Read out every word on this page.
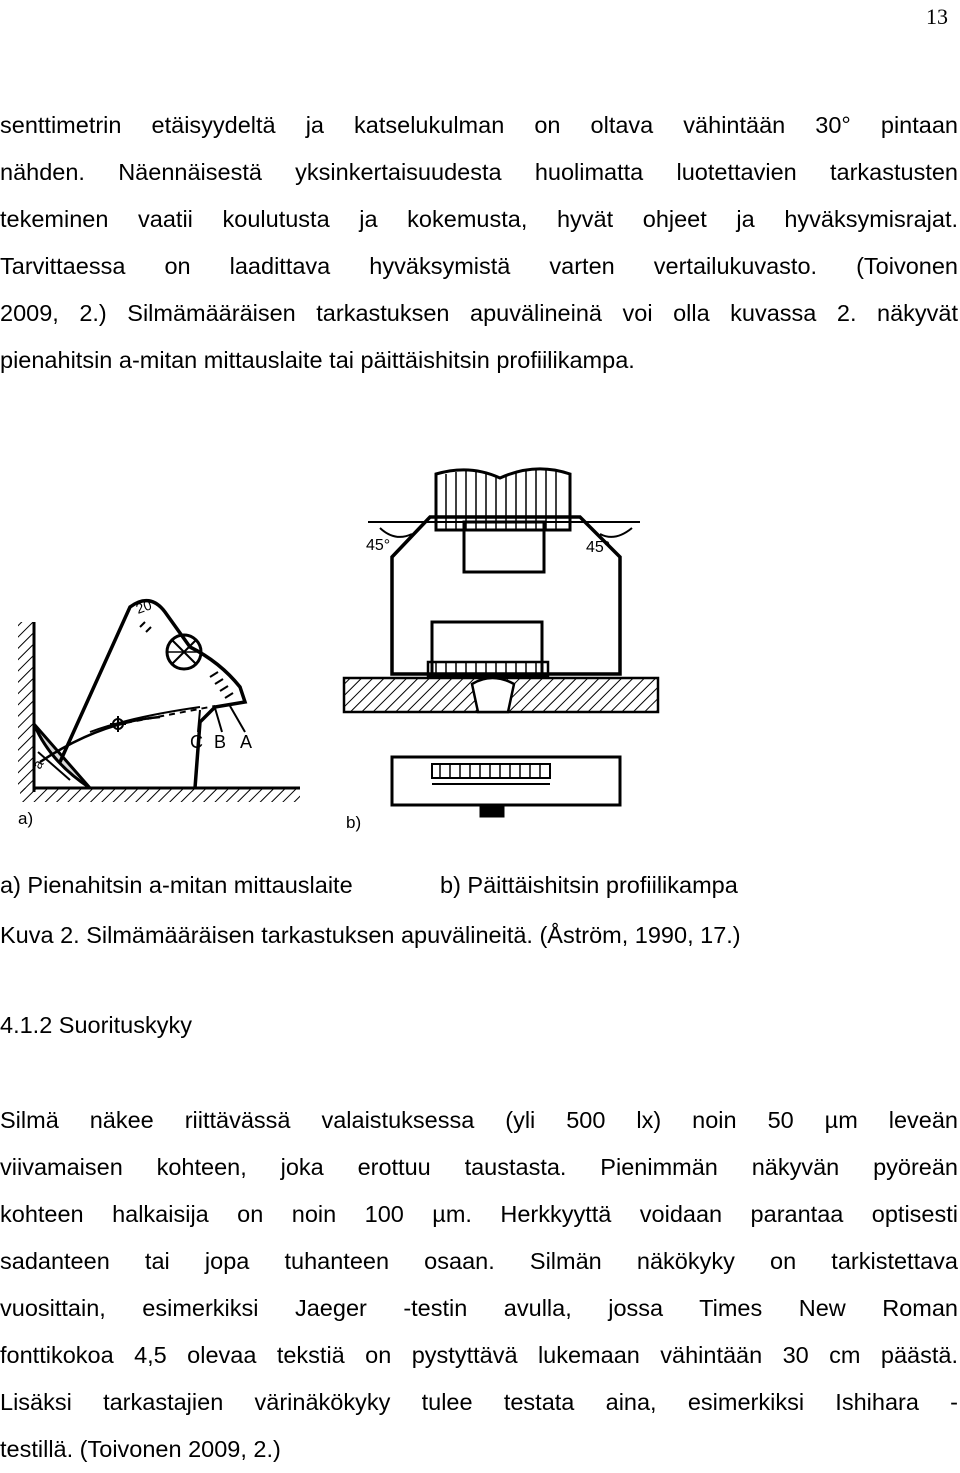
13
senttimetrin etäisyydeltä ja katselukulman on oltava vähintään 30° pintaan
nähden. Näennäisestä yksinkertaisuudesta huolimatta luotettavien tarkastusten
tekeminen vaatii koulutusta ja kokemusta, hyvät ohjeet ja hyväksymisrajat.
Tarvittaessa on laadittava hyväksymistä varten vertailukuvasto. (Toivonen
2009, 2.) Silmämääräisen tarkastuksen apuvälineinä voi olla kuvassa 2. näkyvät
pienahitsin a-mitan mittauslaite tai päittäishitsin profiilikampa.
20
C B A
a
a)
45°	45°
b)
a) Pienahitsin a-mitan mittauslaite	b) Päittäishitsin profiilikampa
Kuva 2. Silmämääräisen tarkastuksen apuvälineitä. (Åström, 1990, 17.)
4.1.2 Suorituskyky
Silmä näkee riittävässä valaistuksessa (yli 500 lx) noin 50 µm leveän
viivamaisen kohteen, joka erottuu taustasta. Pienimmän näkyvän pyöreän
kohteen halkaisija on noin 100 µm. Herkkyyttä voidaan parantaa optisesti
sadanteen tai jopa tuhanteen osaan. Silmän näkökyky on tarkistettava
vuosittain, esimerkiksi Jaeger -testin avulla, jossa Times New Roman
fonttikokoa 4,5 olevaa tekstiä on pystyttävä lukemaan vähintään 30 cm päästä.
Lisäksi tarkastajien värinäkökyky tulee testata aina, esimerkiksi Ishihara -
testillä. (Toivonen 2009, 2.)
